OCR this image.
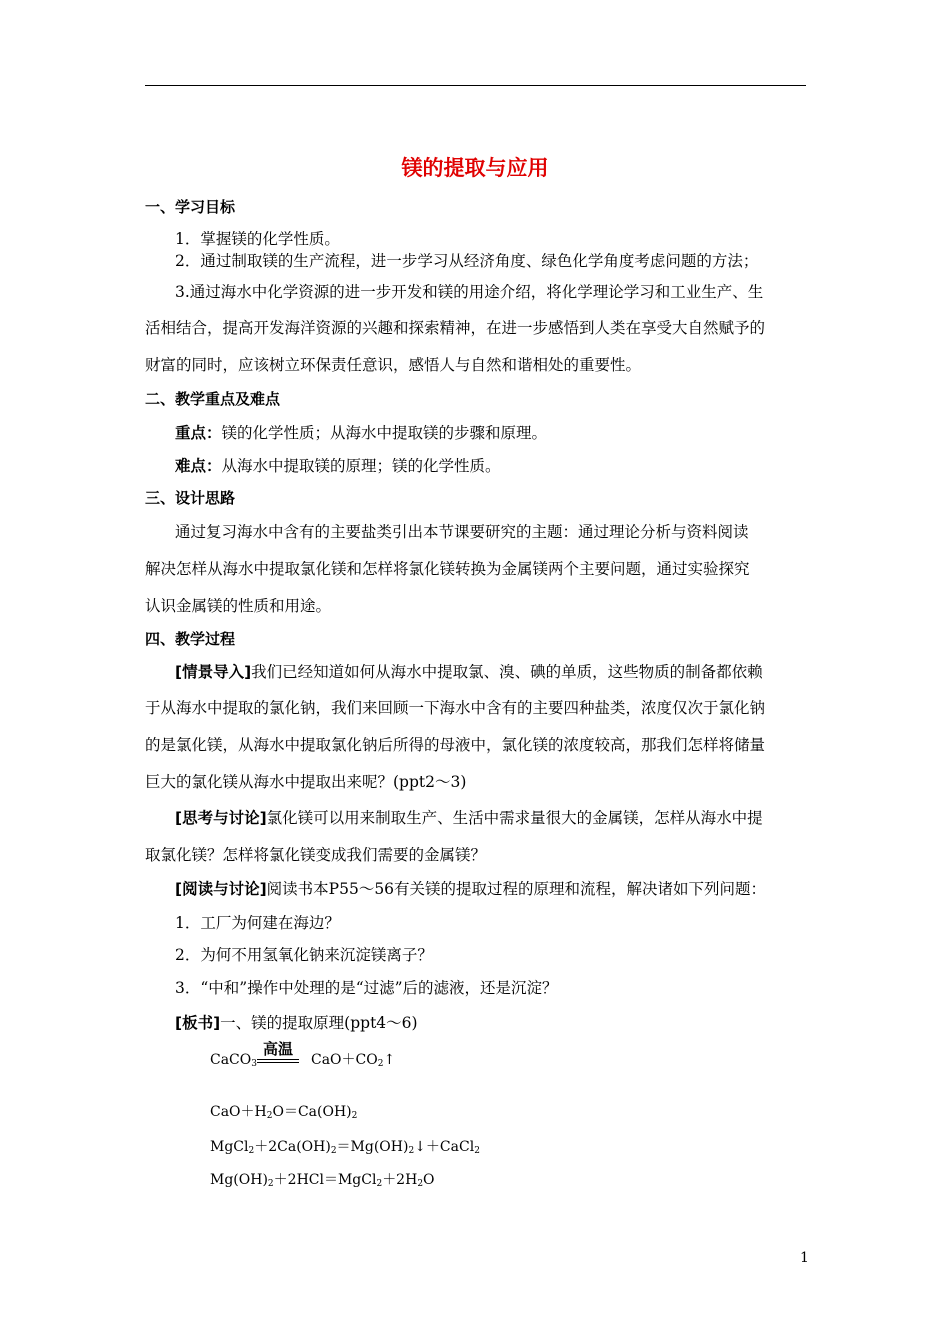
镁的提取与应用
一、学习目标
1．掌握镁的化学性质。
2．通过制取镁的生产流程，进一步学习从经济角度、绿色化学角度考虑问题的方法；
3.通过海水中化学资源的进一步开发和镁的用途介绍，将化学理论学习和工业生产、生
活相结合，提高开发海洋资源的兴趣和探索精神，在进一步感悟到人类在享受大自然赋予的
财富的同时，应该树立环保责任意识，感悟人与自然和谐相处的重要性。
二、教学重点及难点
重点：镁的化学性质；从海水中提取镁的步骤和原理。
难点：从海水中提取镁的原理；镁的化学性质。
三、设计思路
通过复习海水中含有的主要盐类引出本节课要研究的主题：通过理论分析与资料阅读
解决怎样从海水中提取氯化镁和怎样将氯化镁转换为金属镁两个主要问题，通过实验探究
认识金属镁的性质和用途。
四、教学过程
[情景导入]我们已经知道如何从海水中提取氯、溴、碘的单质，这些物质的制备都依赖
于从海水中提取的氯化钠，我们来回顾一下海水中含有的主要四种盐类，浓度仅次于氯化钠
的是氯化镁，从海水中提取氯化钠后所得的母液中，氯化镁的浓度较高，那我们怎样将储量
巨大的氯化镁从海水中提取出来呢？(ppt2～3)
[思考与讨论]氯化镁可以用来制取生产、生活中需求量很大的金属镁，怎样从海水中提
取氯化镁？怎样将氯化镁变成我们需要的金属镁？
[阅读与讨论]阅读书本P55～56有关镁的提取过程的原理和流程，解决诸如下列问题：
1．工厂为何建在海边？
2．为何不用氢氧化钠来沉淀镁离子？
3．“中和”操作中处理的是“过滤”后的滤液，还是沉淀？
[板书]一、镁的提取原理(ppt4～6)
CaCO$_3$
高温
$CaO+CO_2↑$
$CaO+H_2O=Ca(OH)_2$
$MgCl_2+2Ca(OH)_2=Mg(OH)_2↓+CaCl_2$
$Mg(OH)_2+2HCl=MgCl_2+2H_2O$
1
